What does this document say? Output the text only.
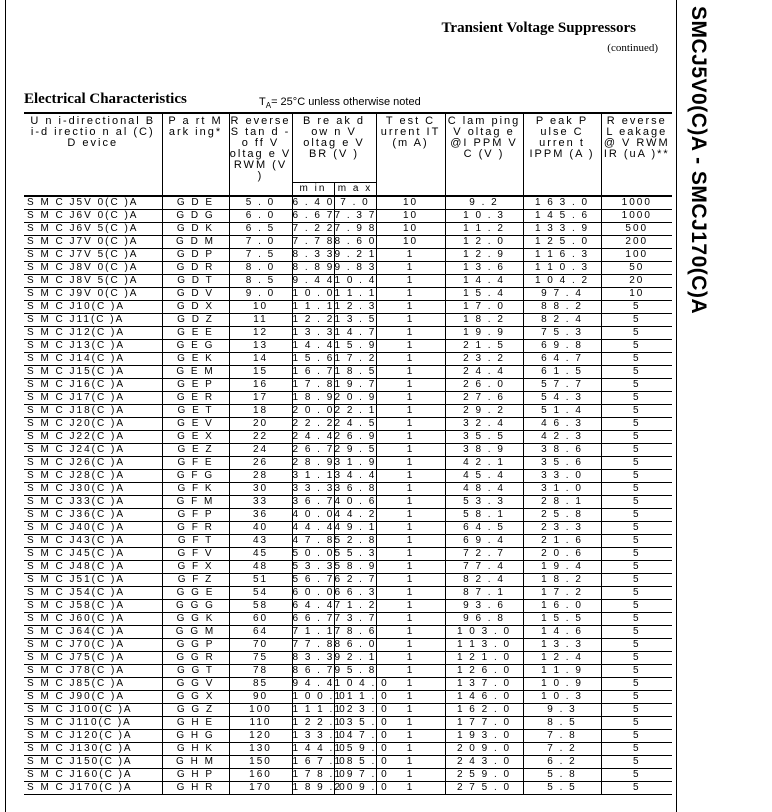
Transient Voltage Suppressors
(continued)
Electrical Characteristics	$T_A= 25^\circ C$ unless otherwise noted
U n i-directional B i-d irectio n al (C) D evice	P a rt M ark ing*	R everse S tan d -o ff V oltag e V RWM (V )	B re ak d ow n V oltag e V BR (V )		T est C urrent IT (m A)	C lam ping V oltag e @I PPM V C (V )	P eak P ulse C urren t IPPM (A )	R everse L eakage @ V RWM IR (uA )**
			m in	m a x				
S M C J5V 0(C )A	G D E	5 . 0	6 . 4 0	7 . 0	10	9 . 2	1 6 3 . 0	1000
S M C J6V 0(C )A	G D G	6 . 0	6 . 6 7	7 . 3 7	10	1 0 . 3	1 4 5 . 6	1000
S M C J6V 5(C )A	G D K	6 . 5	7 . 2 2	7 . 9 8	10	1 1 . 2	1 3 3 . 9	500
S M C J7V 0(C )A	G D M	7 . 0	7 . 7 8	8 . 6 0	10	1 2 . 0	1 2 5 . 0	200
S M C J7V 5(C )A	G D P	7 . 5	8 . 3 3	9 . 2 1	1	1 2 . 9	1 1 6 . 3	100
S M C J8V 0(C )A	G D R	8 . 0	8 . 8 9	9 . 8 3	1	1 3 . 6	1 1 0 . 3	50
S M C J8V 5(C )A	G D T	8 . 5	9 . 4 4	1 0 . 4	1	1 4 . 4	1 0 4 . 2	20
S M C J9V 0(C )A	G D V	9 . 0	1 0 . 0	1 1 . 1	1	1 5 . 4	9 7 . 4	10
S M C J10(C )A	G D X	10	1 1 . 1	1 2 . 3	1	1 7 . 0	8 8 . 2	5
S M C J11(C )A	G D Z	11	1 2 . 2	1 3 . 5	1	1 8 . 2	8 2 . 4	5
S M C J12(C )A	G E E	12	1 3 . 3	1 4 . 7	1	1 9 . 9	7 5 . 3	5
S M C J13(C )A	G E G	13	1 4 . 4	1 5 . 9	1	2 1 . 5	6 9 . 8	5
S M C J14(C )A	G E K	14	1 5 . 6	1 7 . 2	1	2 3 . 2	6 4 . 7	5
S M C J15(C )A	G E M	15	1 6 . 7	1 8 . 5	1	2 4 . 4	6 1 . 5	5
S M C J16(C )A	G E P	16	1 7 . 8	1 9 . 7	1	2 6 . 0	5 7 . 7	5
S M C J17(C )A	G E R	17	1 8 . 9	2 0 . 9	1	2 7 . 6	5 4 . 3	5
S M C J18(C )A	G E T	18	2 0 . 0	2 2 . 1	1	2 9 . 2	5 1 . 4	5
S M C J20(C )A	G E V	20	2 2 . 2	2 4 . 5	1	3 2 . 4	4 6 . 3	5
S M C J22(C )A	G E X	22	2 4 . 4	2 6 . 9	1	3 5 . 5	4 2 . 3	5
S M C J24(C )A	G E Z	24	2 6 . 7	2 9 . 5	1	3 8 . 9	3 8 . 6	5
S M C J26(C )A	G F E	26	2 8 . 9	3 1 . 9	1	4 2 . 1	3 5 . 6	5
S M C J28(C )A	G F G	28	3 1 . 1	3 4 . 4	1	4 5 . 4	3 3 . 0	5
S M C J30(C )A	G F K	30	3 3 . 3	3 6 . 8	1	4 8 . 4	3 1 . 0	5
S M C J33(C )A	G F M	33	3 6 . 7	4 0 . 6	1	5 3 . 3	2 8 . 1	5
S M C J36(C )A	G F P	36	4 0 . 0	4 4 . 2	1	5 8 . 1	2 5 . 8	5
S M C J40(C )A	G F R	40	4 4 . 4	4 9 . 1	1	6 4 . 5	2 3 . 3	5
S M C J43(C )A	G F T	43	4 7 . 8	5 2 . 8	1	6 9 . 4	2 1 . 6	5
S M C J45(C )A	G F V	45	5 0 . 0	5 5 . 3	1	7 2 . 7	2 0 . 6	5
S M C J48(C )A	G F X	48	5 3 . 3	5 8 . 9	1	7 7 . 4	1 9 . 4	5
S M C J51(C )A	G F Z	51	5 6 . 7	6 2 . 7	1	8 2 . 4	1 8 . 2	5
S M C J54(C )A	G G E	54	6 0 . 0	6 6 . 3	1	8 7 . 1	1 7 . 2	5
S M C J58(C )A	G G G	58	6 4 . 4	7 1 . 2	1	9 3 . 6	1 6 . 0	5
S M C J60(C )A	G G K	60	6 6 . 7	7 3 . 7	1	9 6 . 8	1 5 . 5	5
S M C J64(C )A	G G M	64	7 1 . 1	7 8 . 6	1	1 0 3 . 0	1 4 . 6	5
S M C J70(C )A	G G P	70	7 7 . 8	8 6 . 0	1	1 1 3 . 0	1 3 . 3	5
S M C J75(C )A	G G R	75	8 3 . 3	9 2 . 1	1	1 2 1 . 0	1 2 . 4	5
S M C J78(C )A	G G T	78	8 6 . 7	9 5 . 8	1	1 2 6 . 0	1 1 . 9	5
S M C J85(C )A	G G V	85	9 4 . 4	1 0 4 . 0	1	1 3 7 . 0	1 0 . 9	5
S M C J90(C )A	G G X	90	1 0 0 . 0	1 1 1 . 0	1	1 4 6 . 0	1 0 . 3	5
S M C J100(C )A	G G Z	100	1 1 1 . 0	1 2 3 . 0	1	1 6 2 . 0	9 . 3	5
S M C J110(C )A	G H E	110	1 2 2 . 0	1 3 5 . 0	1	1 7 7 . 0	8 . 5	5
S M C J120(C )A	G H G	120	1 3 3 . 0	1 4 7 . 0	1	1 9 3 . 0	7 . 8	5
S M C J130(C )A	G H K	130	1 4 4 . 0	1 5 9 . 0	1	2 0 9 . 0	7 . 2	5
S M C J150(C )A	G H M	150	1 6 7 . 0	1 8 5 . 0	1	2 4 3 . 0	6 . 2	5
S M C J160(C )A	G H P	160	1 7 8 . 0	1 9 7 . 0	1	2 5 9 . 0	5 . 8	5
S M C J170(C )A	G H R	170	1 8 9 . 0	2 0 9 . 0	1	2 7 5 . 0	5 . 5	5
SMCJ5V0(C)A - SMCJ170(C)A
